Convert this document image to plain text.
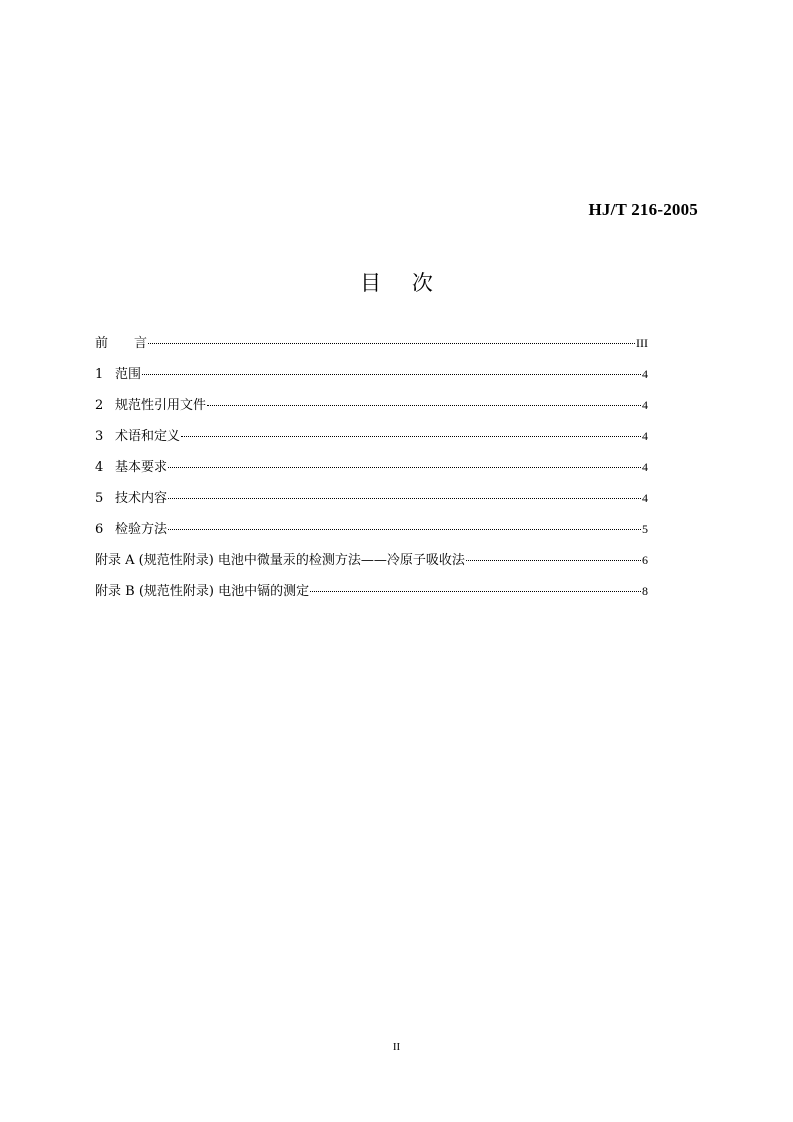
HJ/T 216-2005
目 次
前　　言	III
1 范围	4
2 规范性引用文件	4
3 术语和定义	4
4 基本要求	4
5 技术内容	4
6 检验方法	5
附录 A (规范性附录) 电池中微量汞的检测方法——冷原子吸收法	6
附录 B (规范性附录) 电池中镉的测定	8
II
